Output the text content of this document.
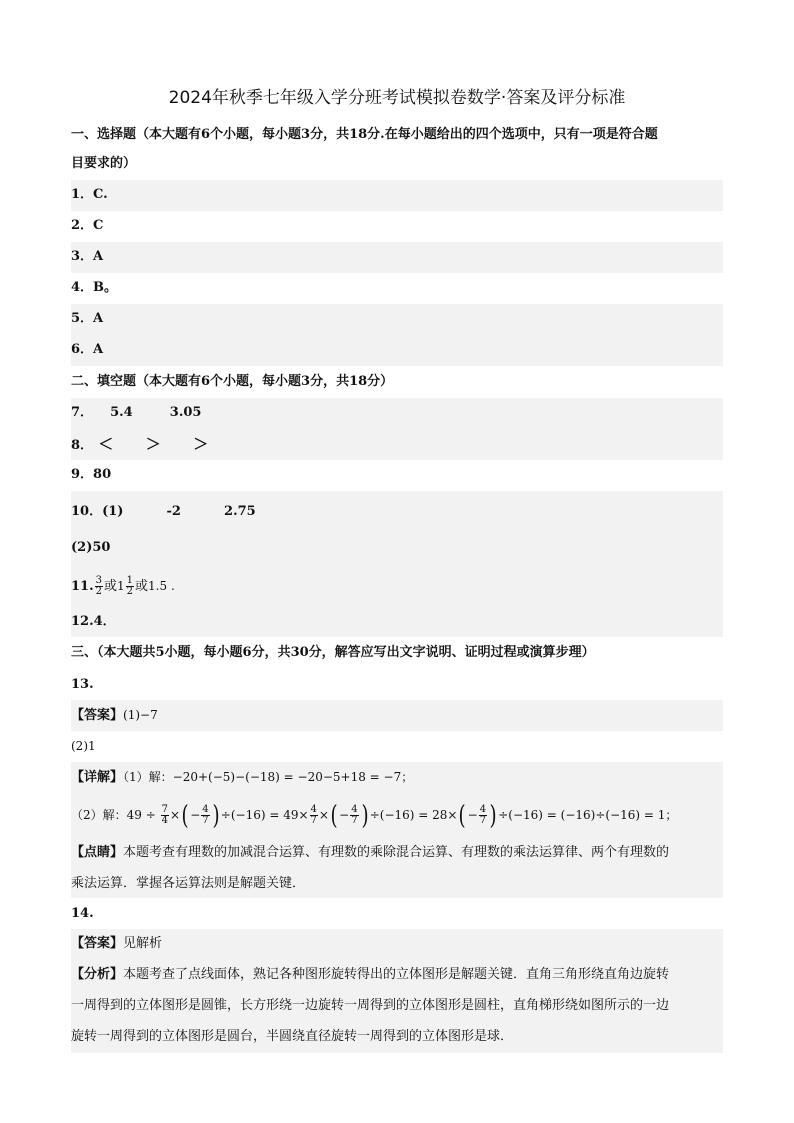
2024年秋季七年级入学分班考试模拟卷数学·答案及评分标准
一、选择题（本大题有6个小题，每小题3分，共18分.在每小题给出的四个选项中，只有一项是符合题
目要求的）
1．C.
2．C
3．A
4．B。
5．A
6．A
二、填空题（本大题有6个小题，每小题3分，共18分）
7． 5.4	3.05
8． ＜ ＞ ＞
9．80
10．(1)	-2	2.75
(2)50
11. $\frac{3}{2}$ 或$1 \frac{1}{2}$ 或1.5 .
12.4．
三、（本大题共5小题，每小题6分，共30分，解答应写出文字说明、证明过程或演算步理）
13.
【答案】(1)−7
(2)1
【详解】（1）解：−20+(−5)−(−18) = −20−5+18 = −7；
（2）解：$49 \div \frac{7}{4}$ ×( − $\frac{4}{7}$ ) $\div(-16) = 49\times \frac{4}{7}$ ×( − $\frac{4}{7}$ ) $\div(-16) = 28\times( - \frac{4}{7}$ ) ÷(−16) = (−16)÷(−16) = 1；
【点睛】本题考查有理数的加减混合运算、有理数的乘除混合运算、有理数的乘法运算律、两个有理数的
乘法运算．掌握各运算法则是解题关键．
14.
【答案】见解析
【分析】本题考查了点线面体，熟记各种图形旋转得出的立体图形是解题关键．直角三角形绕直角边旋转
一周得到的立体图形是圆锥，长方形绕一边旋转一周得到的立体图形是圆柱，直角梯形绕如图所示的一边
旋转一周得到的立体图形是圆台，半圆绕直径旋转一周得到的立体图形是球．
